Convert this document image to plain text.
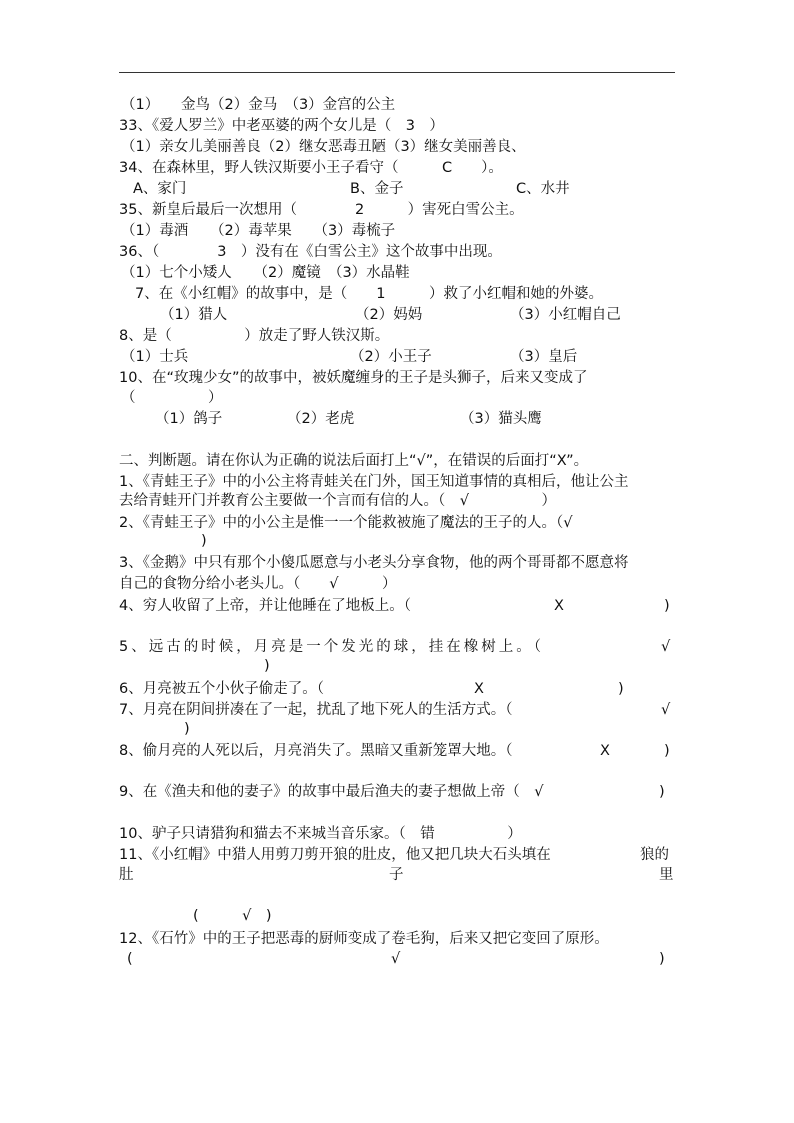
（1）　　金鸟（2）金马　（3）金宫的公主
33、《爱人罗兰》中老巫婆的两个女儿是（　3　）
（1）亲女儿美丽善良（2）继女恶毒丑陋（3）继女美丽善良、
34、在森林里，野人铁汉斯要小王子看守（　　　C　　）。
A、家门	B、金子	C、水井
35、新皇后最后一次想用（　　　　2　　　）害死白雪公主。
（1）毒酒　　（2）毒苹果　　（3）毒梳子
36、（　　　　3　）没有在《白雪公主》这个故事中出现。
（1）七个小矮人　　（2）魔镜　（3）水晶鞋
7、在《小红帽》的故事中，是（　　1　　　）救了小红帽和她的外婆。
（1）猎人	（2）妈妈	（3）小红帽自己
8、是（　　　　　）放走了野人铁汉斯。
（1）士兵	（2）小王子	（3）皇后
10、在“玫瑰少女”的故事中，被妖魔缠身的王子是头狮子，后来又变成了
（　　　　　）
（1）鸽子	（2）老虎	（3）猫头鹰
二、判断题。请在你认为正确的说法后面打上“√”，在错误的后面打“X”。
1、《青蛙王子》中的小公主将青蛙关在门外，国王知道事情的真相后，他让公主
去给青蛙开门并教育公主要做一个言而有信的人。（　√　　　　　）
2、《青蛙王子》中的小公主是惟一一个能救被施了魔法的王子的人。（√
)
3、《金鹅》中只有那个小傻瓜愿意与小老头分享食物，他的两个哥哥都不愿意将
自己的食物分给小老头儿。（　　√　　　）
4、穷人收留了上帝，并让他睡在了地板上。（	X	)
5、远古的时候，月亮是一个发光的球，挂在橡树上。（	√
)
6、月亮被五个小伙子偷走了。（	X	)
7、月亮在阴间拼凑在了一起，扰乱了地下死人的生活方式。（	√
)
8、偷月亮的人死以后，月亮消失了。黑暗又重新笼罩大地。（	X	)
9、在《渔夫和他的妻子》的故事中最后渔夫的妻子想做上帝（　√	)
10、驴子只请猎狗和猫去不来城当音乐家。（　错　　　　　）
11、《小红帽》中猎人用剪刀剪开狼的肚皮，他又把几块大石头填在	狼的
肚	子	里
(　　　√　)
12、《石竹》中的王子把恶毒的厨师变成了卷毛狗，后来又把它变回了原形。
(	√	)
